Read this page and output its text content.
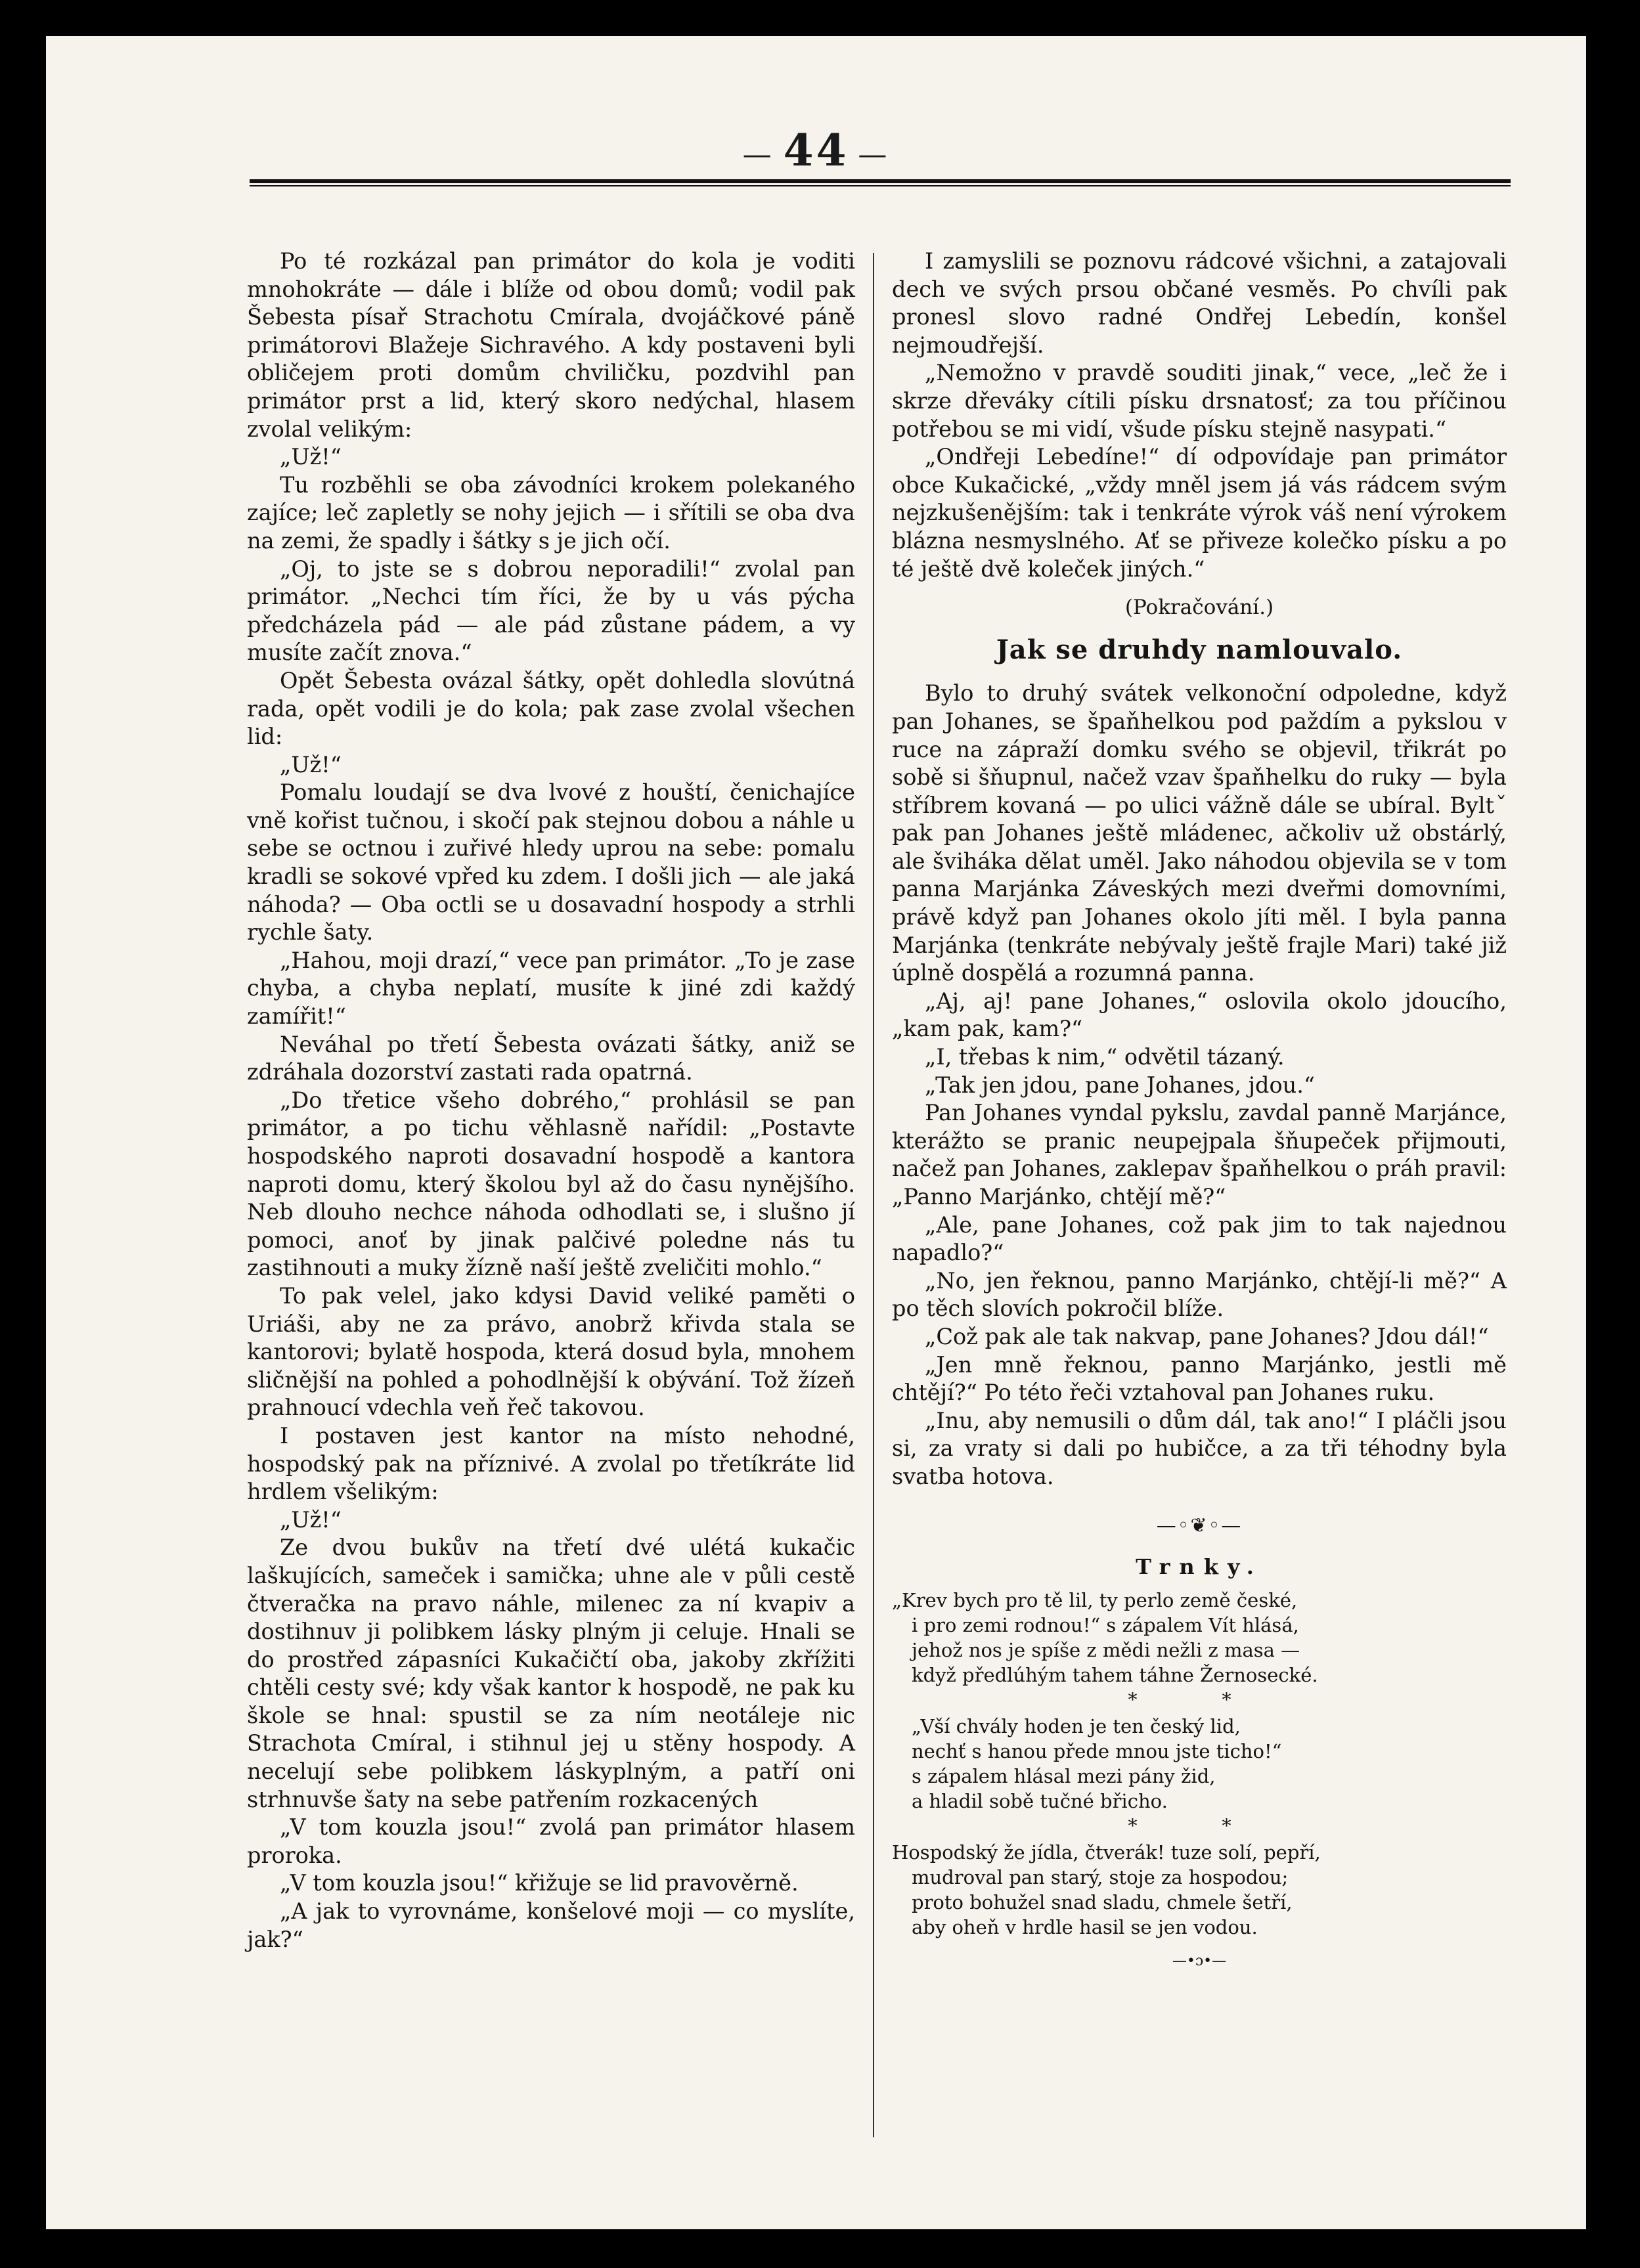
— 44 —

Po té rozkázal pan primátor do kola je voditi mnohokráte — dále i blíže od obou domů; vodil pak Šebesta písař Strachotu Cmírala, dvojáčkové páně primátorovi Blažeje Sichravého. A kdy postaveni byli obličejem proti domům chviličku, pozdvihl pan primátor prst a lid, který skoro nedýchal, hlasem zvolal velikým:

„Už!“

Tu rozběhli se oba závodníci krokem polekaného zajíce; leč zapletly se nohy jejich — i sřítili se oba dva na zemi, že spadly i šátky s je jich očí.

„Oj, to jste se s dobrou neporadili!“ zvolal pan primátor. „Nechci tím říci, že by u vás pýcha předcházela pád — ale pád zůstane pádem, a vy musíte začít znova.“

Opět Šebesta ovázal šátky, opět dohledla slovútná rada, opět vodili je do kola; pak zase zvolal všechen lid:

„Už!“

Pomalu loudají se dva lvové z houští, čenichajíce vně kořist tučnou, i skočí pak stejnou dobou a náhle u sebe se octnou i zuřivé hledy uprou na sebe: pomalu kradli se sokové vpřed ku zdem. I došli jich — ale jaká náhoda? — Oba octli se u dosavadní hospody a strhli rychle šaty.

„Hahou, moji drazí,“ vece pan primátor. „To je zase chyba, a chyba neplatí, musíte k jiné zdi každý zamířit!“

Neváhal po třetí Šebesta ovázati šátky, aniž se zdráhala dozorství zastati rada opatrná.

„Do třetice všeho dobrého,“ prohlásil se pan primátor, a po tichu věhlasně nařídil: „Postavte hospodského naproti dosavadní hospodě a kantora naproti domu, který školou byl až do času nynějšího. Neb dlouho nechce náhoda odhodlati se, i slušno jí pomoci, anoť by jinak palčivé poledne nás tu zastihnouti a muky žízně naší ještě zveličiti mohlo.“

To pak velel, jako kdysi David veliké paměti o Uriáši, aby ne za právo, anobrž křivda stala se kantorovi; bylatě hospoda, která dosud byla, mnohem sličnější na pohled a pohodlnější k obývání. Tož žízeň prahnoucí vdechla veň řeč takovou.

I postaven jest kantor na místo nehodné, hospodský pak na příznivé. A zvolal po třetíkráte lid hrdlem všelikým:

„Už!“

Ze dvou bukův na třetí dvé ulétá kukačic laškujících, sameček i samička; uhne ale v půli cestě čtveračka na pravo náhle, milenec za ní kvapiv a dostihnuv ji polibkem lásky plným ji celuje. Hnali se do prostřed zápasníci Kukačičtí oba, jakoby zkřížiti chtěli cesty své; kdy však kantor k hospodě, ne pak ku škole se hnal: spustil se za ním neotáleje nic Strachota Cmíral, i stihnul jej u stěny hospody. A necelují sebe polibkem láskyplným, a patří oni strhnuvše šaty na sebe patřením rozkacených

„V tom kouzla jsou!“ zvolá pan primátor hlasem proroka.

„V tom kouzla jsou!“ křižuje se lid pravověrně.

„A jak to vyrovnáme, konšelové moji — co myslíte, jak?“

I zamyslili se poznovu rádcové všichni, a zatajovali dech ve svých prsou občané vesměs. Po chvíli pak pronesl slovo radné Ondřej Lebedín, konšel nejmoudřejší.

„Nemožno v pravdě souditi jinak,“ vece, „leč že i skrze dřeváky cítili písku drsnatosť; za tou příčinou potřebou se mi vidí, všude písku stejně nasypati.“

„Ondřeji Lebedíne!“ dí odpovídaje pan primátor obce Kukačické, „vždy mněl jsem já vás rádcem svým nejzkušenějším: tak i tenkráte výrok váš není výrokem blázna nesmyslného. Ať se přiveze kolečko písku a po té ještě dvě koleček jiných.“

(Pokračování.)

Jak se druhdy namlouvalo.

Bylo to druhý svátek velkonoční odpoledne, když pan Johanes, se špaňhelkou pod paždím a pykslou v ruce na zápraží domku svého se objevil, třikrát po sobě si šňupnul, načež vzav špaňhelku do ruky — byla stříbrem kovaná — po ulici vážně dále se ubíral. Byltˇ pak pan Johanes ještě mládenec, ačkoliv už obstárlý, ale švihákа dělat uměl. Jako náhodou objevila se v tom panna Marjánka Záveských mezi dveřmi domovními, právě když pan Johanes okolo jíti měl. I byla panna Marjánka (tenkráte nebývaly ještě frajle Mari) také již úplně dospělá a rozumná panna.

„Aj, aj! pane Johanes,“ oslovila okolo jdoucího, „kam pak, kam?“

„I, třebas k nim,“ odvětil tázaný.

„Tak jen jdou, pane Johanes, jdou.“

Pan Johanes vyndal pykslu, zavdal panně Marjánce, kterážto se pranic neupejpala šňupeček přijmouti, načež pan Johanes, zaklepav špaňhelkou o práh pravil: „Panno Marjánko, chtějí mě?“

„Ale, pane Johanes, což pak jim to tak najednou napadlo?“

„No, jen řeknou, panno Marjánko, chtějí-li mě?“ A po těch slovích pokročil blíže.

„Což pak ale tak nakvap, pane Johanes? Jdou dál!“

„Jen mně řeknou, panno Marjánko, jestli mě chtějí?“ Po této řeči vztahoval pan Johanes ruku.

„Inu, aby nemusili o dům dál, tak ano!“ I pláčli jsou si, za vraty si dali po hubičce, a za tři téhodny byla svatba hotova.

—◦❦◦—
Trnky.
„Krev bych pro tě lil, ty perlo země české,
i pro zemi rodnou!“ s zápalem Vít hlásá,
jehož nos je spíše z mědi nežli z masa —
když předlúhým tahem táhne Žernosecké.
* *
„Vší chvály hoden je ten český lid,
nechť s hanou přede mnou jste ticho!“
s zápalem hlásal mezi pány žid,
a hladil sobě tučné břicho.
* *
Hospodský že jídla, čtverák! tuze solí, pepří,
mudroval pan starý, stoje za hospodou;
proto bohužel snad sladu, chmele šetří,
aby oheň v hrdle hasil se jen vodou.
—•ɔ•—
